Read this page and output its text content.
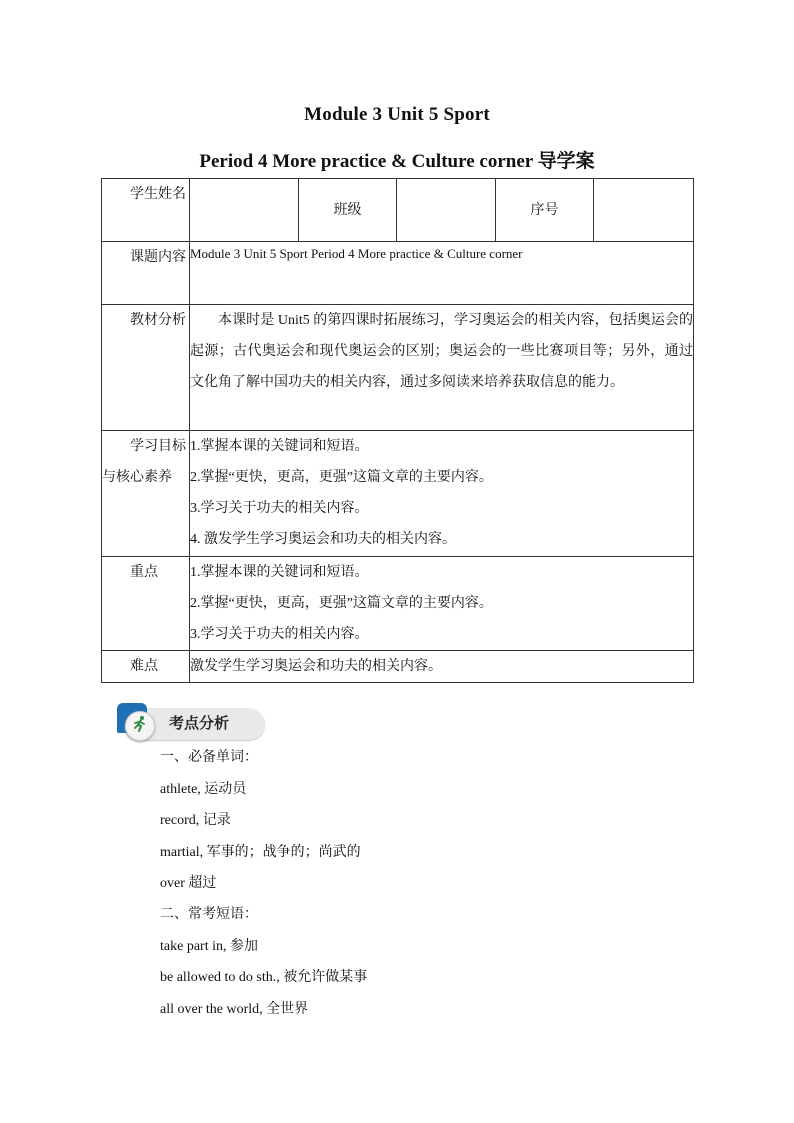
Module 3 Unit 5 Sport
Period 4 More practice & Culture corner 导学案
学生姓名		班级		序号	
课题内容	Module 3 Unit 5 Sport Period 4 More practice & Culture corner				
教材分析	本课时是 Unit5 的第四课时拓展练习，学习奥运会的相关内容，包括奥运会的起源；古代奥运会和现代奥运会的区别；奥运会的一些比赛项目等；另外，通过文化角了解中国功夫的相关内容，通过多阅读来培养获取信息的能力。				
学习目标与核心素养	1.掌握本课的关键词和短语。
2.掌握“更快，更高，更强”这篇文章的主要内容。
3.学习关于功夫的相关内容。
4. 激发学生学习奥运会和功夫的相关内容。				

重点	1.掌握本课的关键词和短语。
2.掌握“更快，更高，更强”这篇文章的主要内容。
3.学习关于功夫的相关内容。				

难点	激发学生学习奥运会和功夫的相关内容。				
考点分析
一、必备单词：
athlete, 运动员
record, 记录
martial, 军事的；战争的；尚武的
over 超过
二、常考短语：
take part in, 参加
be allowed to do sth., 被允许做某事
all over the world, 全世界
